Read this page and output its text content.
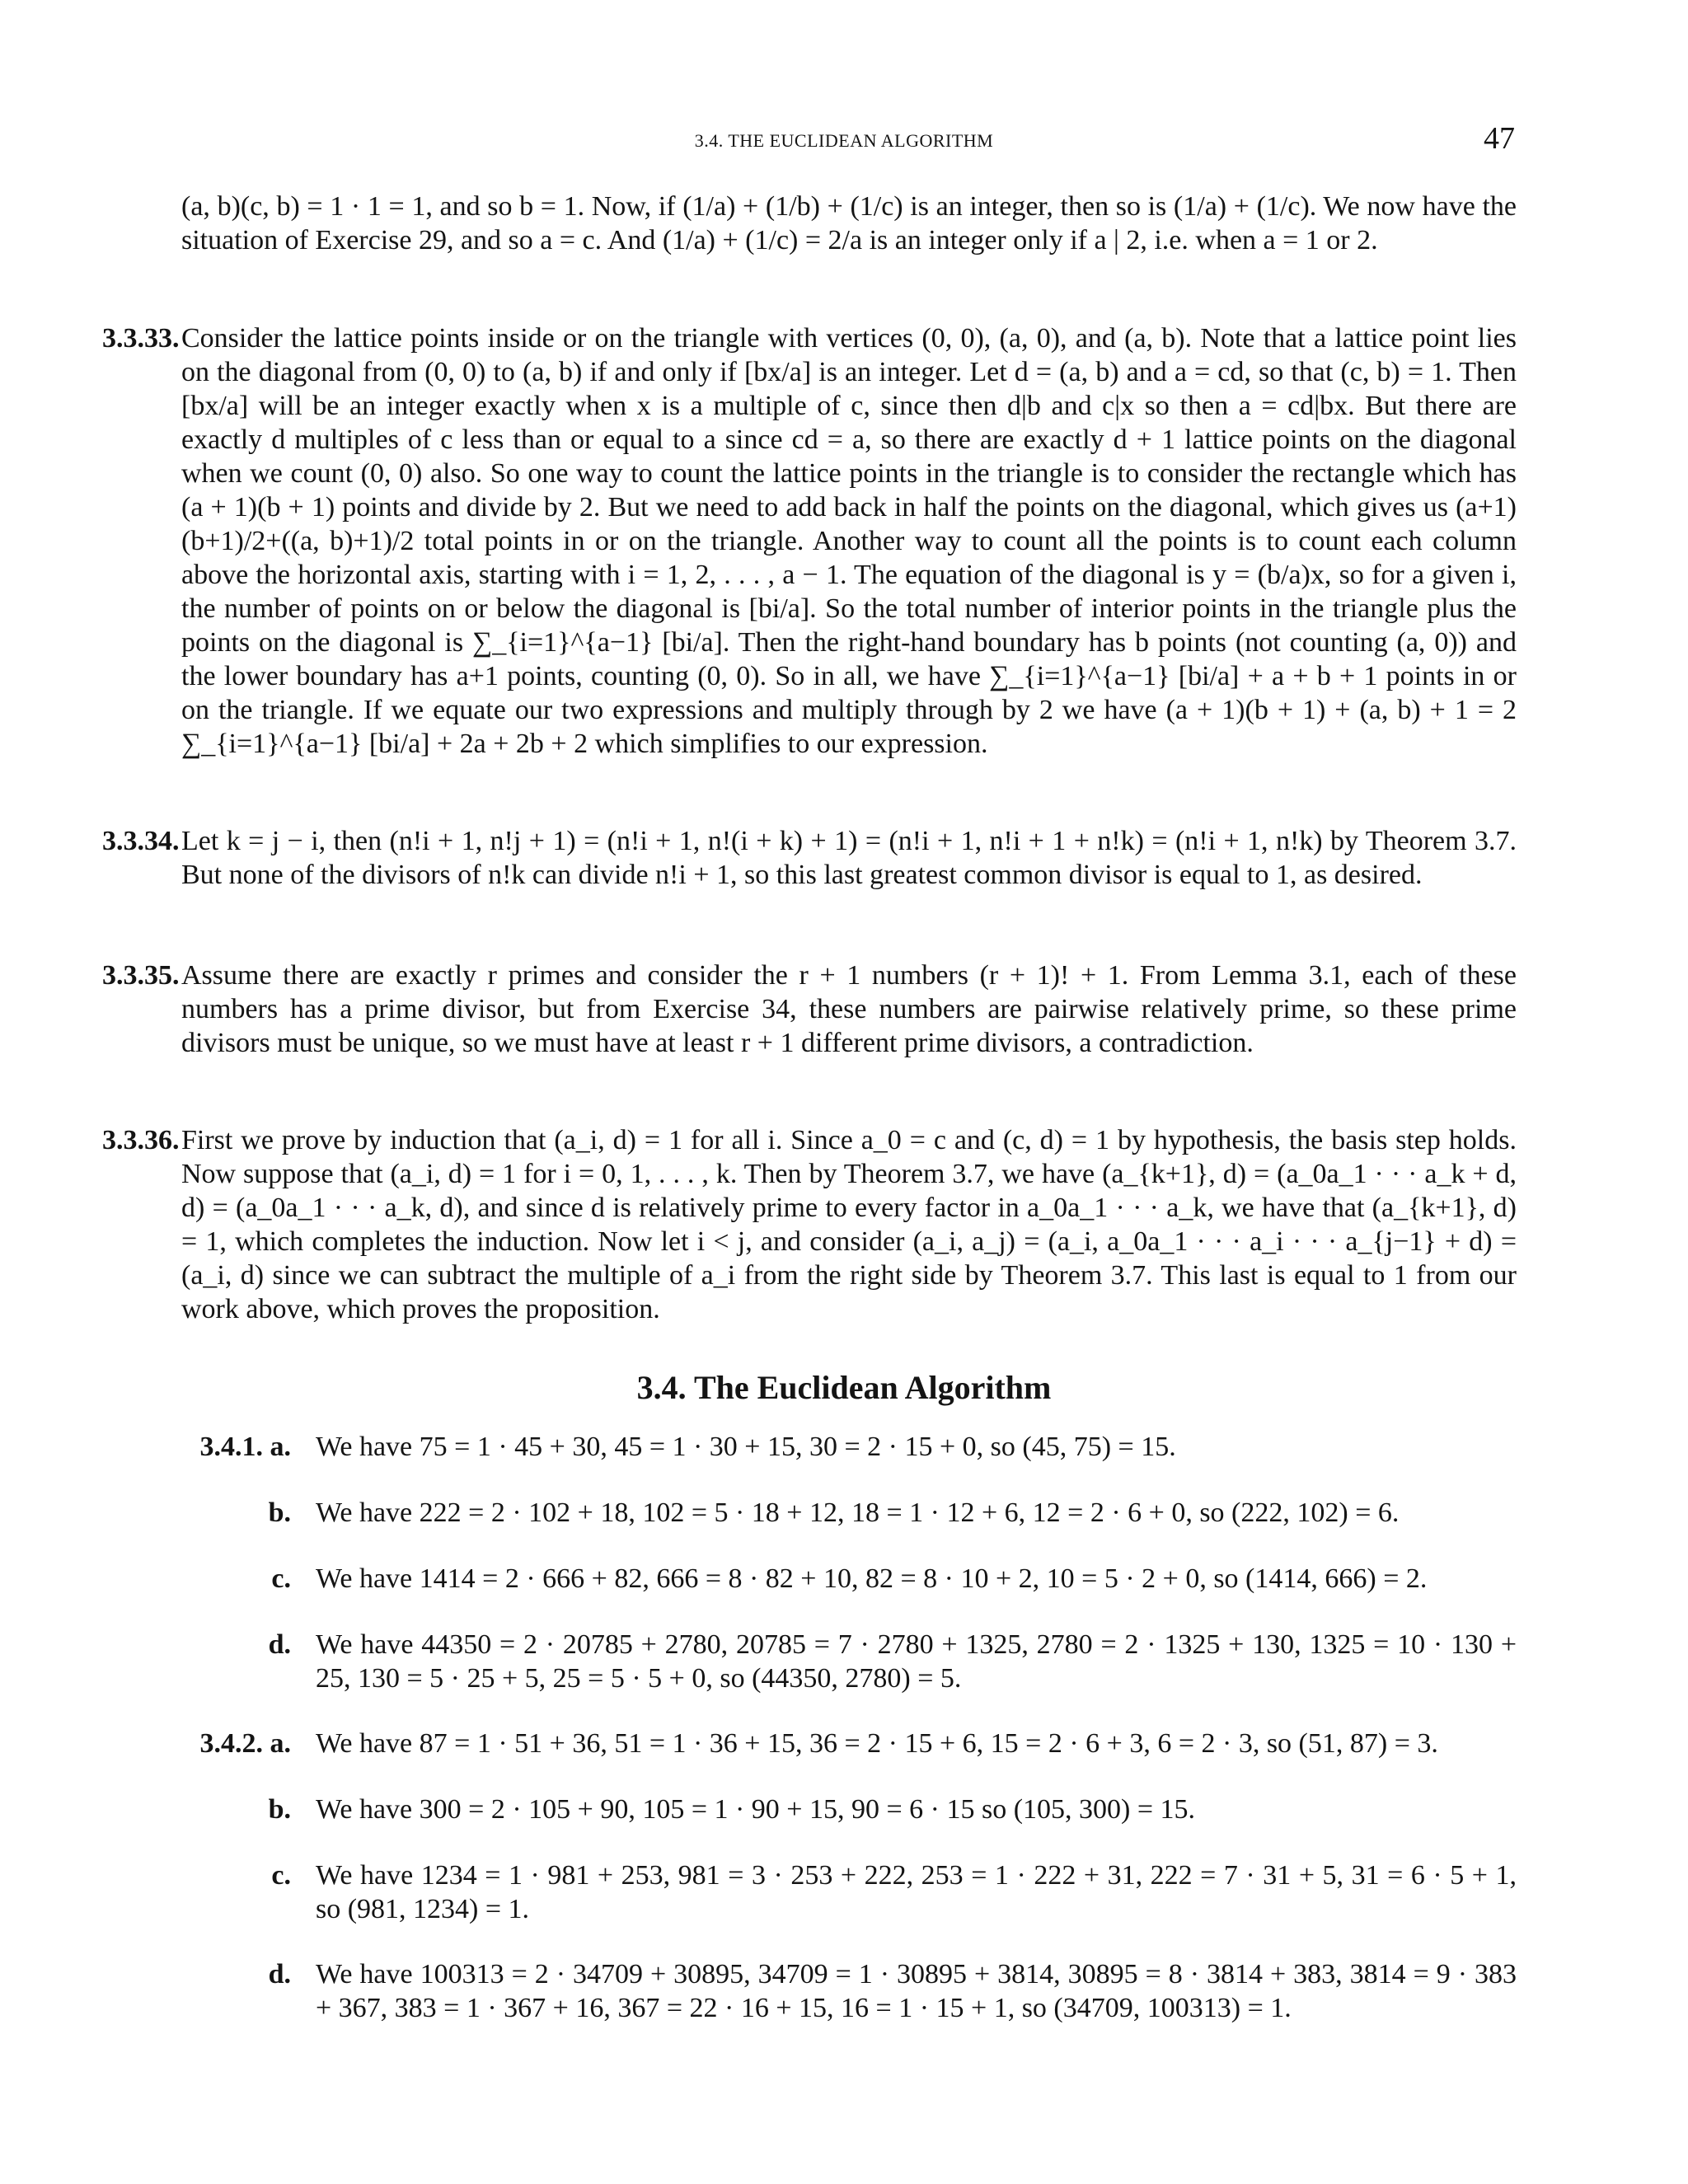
3.4. THE EUCLIDEAN ALGORITHM	47
(a, b)(c, b) = 1 · 1 = 1, and so b = 1. Now, if (1/a) + (1/b) + (1/c) is an integer, then so is (1/a) + (1/c). We now have the situation of Exercise 29, and so a = c. And (1/a) + (1/c) = 2/a is an integer only if a | 2, i.e. when a = 1 or 2.
3.3.33. Consider the lattice points inside or on the triangle with vertices (0, 0), (a, 0), and (a, b). Note that a lattice point lies on the diagonal from (0, 0) to (a, b) if and only if [bx/a] is an integer. Let d = (a, b) and a = cd, so that (c, b) = 1. Then [bx/a] will be an integer exactly when x is a multiple of c, since then d|b and c|x so then a = cd|bx. But there are exactly d multiples of c less than or equal to a since cd = a, so there are exactly d + 1 lattice points on the diagonal when we count (0, 0) also. So one way to count the lattice points in the triangle is to consider the rectangle which has (a + 1)(b + 1) points and divide by 2. But we need to add back in half the points on the diagonal, which gives us (a+1)(b+1)/2+((a, b)+1)/2 total points in or on the triangle. Another way to count all the points is to count each column above the horizontal axis, starting with i = 1, 2, . . . , a − 1. The equation of the diagonal is y = (b/a)x, so for a given i, the number of points on or below the diagonal is [bi/a]. So the total number of interior points in the triangle plus the points on the diagonal is ∑_{i=1}^{a−1} [bi/a]. Then the right-hand boundary has b points (not counting (a, 0)) and the lower boundary has a+1 points, counting (0, 0). So in all, we have ∑_{i=1}^{a−1} [bi/a] + a + b + 1 points in or on the triangle. If we equate our two expressions and multiply through by 2 we have (a + 1)(b + 1) + (a, b) + 1 = 2 ∑_{i=1}^{a−1} [bi/a] + 2a + 2b + 2 which simplifies to our expression.
3.3.34. Let k = j − i, then (n!i + 1, n!j + 1) = (n!i + 1, n!(i + k) + 1) = (n!i + 1, n!i + 1 + n!k) = (n!i + 1, n!k) by Theorem 3.7. But none of the divisors of n!k can divide n!i + 1, so this last greatest common divisor is equal to 1, as desired.
3.3.35. Assume there are exactly r primes and consider the r + 1 numbers (r + 1)! + 1. From Lemma 3.1, each of these numbers has a prime divisor, but from Exercise 34, these numbers are pairwise relatively prime, so these prime divisors must be unique, so we must have at least r + 1 different prime divisors, a contradiction.
3.3.36. First we prove by induction that (a_i, d) = 1 for all i. Since a_0 = c and (c, d) = 1 by hypothesis, the basis step holds. Now suppose that (a_i, d) = 1 for i = 0, 1, . . . , k. Then by Theorem 3.7, we have (a_{k+1}, d) = (a_0a_1 · · · a_k + d, d) = (a_0a_1 · · · a_k, d), and since d is relatively prime to every factor in a_0a_1 · · · a_k, we have that (a_{k+1}, d) = 1, which completes the induction. Now let i < j, and consider (a_i, a_j) = (a_i, a_0a_1 · · · a_i · · · a_{j−1} + d) = (a_i, d) since we can subtract the multiple of a_i from the right side by Theorem 3.7. This last is equal to 1 from our work above, which proves the proposition.
3.4. The Euclidean Algorithm
3.4.1. a. We have 75 = 1 · 45 + 30, 45 = 1 · 30 + 15, 30 = 2 · 15 + 0, so (45, 75) = 15.
b. We have 222 = 2 · 102 + 18, 102 = 5 · 18 + 12, 18 = 1 · 12 + 6, 12 = 2 · 6 + 0, so (222, 102) = 6.
c. We have 1414 = 2 · 666 + 82, 666 = 8 · 82 + 10, 82 = 8 · 10 + 2, 10 = 5 · 2 + 0, so (1414, 666) = 2.
d. We have 44350 = 2 · 20785 + 2780, 20785 = 7 · 2780 + 1325, 2780 = 2 · 1325 + 130, 1325 = 10 · 130 + 25, 130 = 5 · 25 + 5, 25 = 5 · 5 + 0, so (44350, 2780) = 5.
3.4.2. a. We have 87 = 1 · 51 + 36, 51 = 1 · 36 + 15, 36 = 2 · 15 + 6, 15 = 2 · 6 + 3, 6 = 2 · 3, so (51, 87) = 3.
b. We have 300 = 2 · 105 + 90, 105 = 1 · 90 + 15, 90 = 6 · 15 so (105, 300) = 15.
c. We have 1234 = 1 · 981 + 253, 981 = 3 · 253 + 222, 253 = 1 · 222 + 31, 222 = 7 · 31 + 5, 31 = 6 · 5 + 1, so (981, 1234) = 1.
d. We have 100313 = 2 · 34709 + 30895, 34709 = 1 · 30895 + 3814, 30895 = 8 · 3814 + 383, 3814 = 9 · 383 + 367, 383 = 1 · 367 + 16, 367 = 22 · 16 + 15, 16 = 1 · 15 + 1, so (34709, 100313) = 1.
